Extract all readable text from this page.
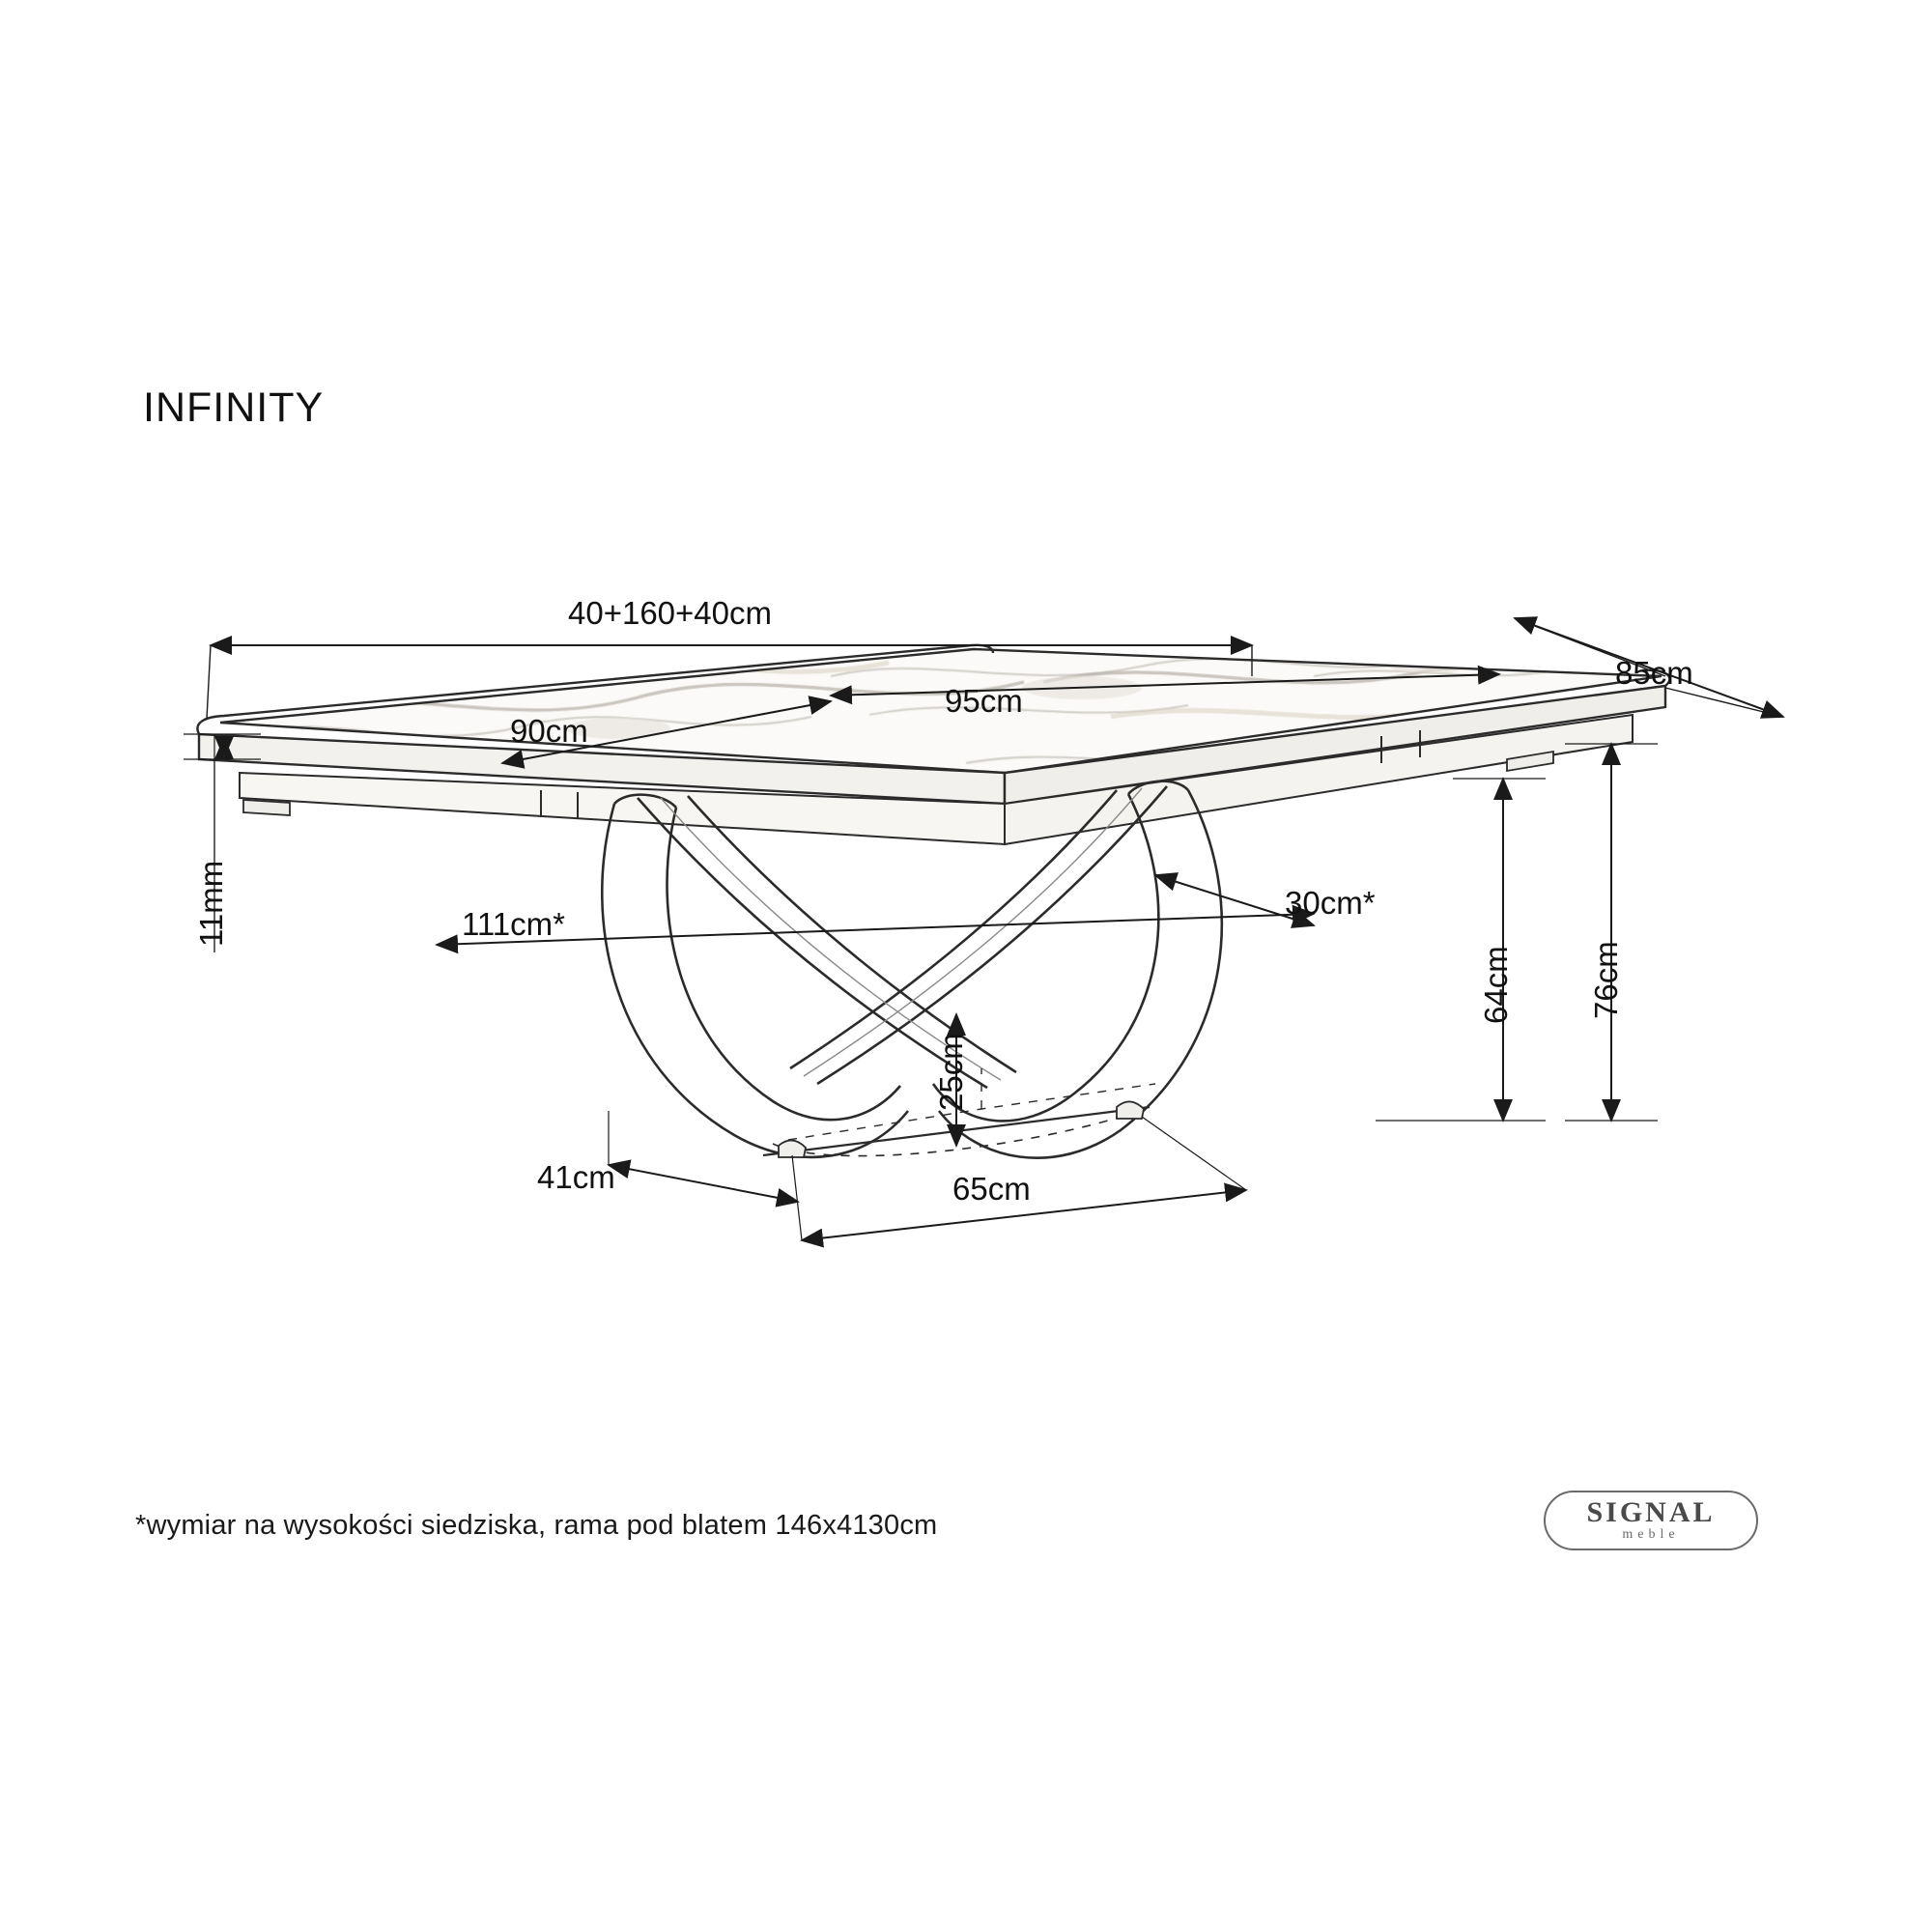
INFINITY
40+160+40cm
85cm
95cm
90cm
11mm	111cm*
30cm*
64cm 76cm
25cm
41cm	65cm
*wymiar na wysokości siedziska, rama pod blatem 146x4130cm	SIGNAL
meble
